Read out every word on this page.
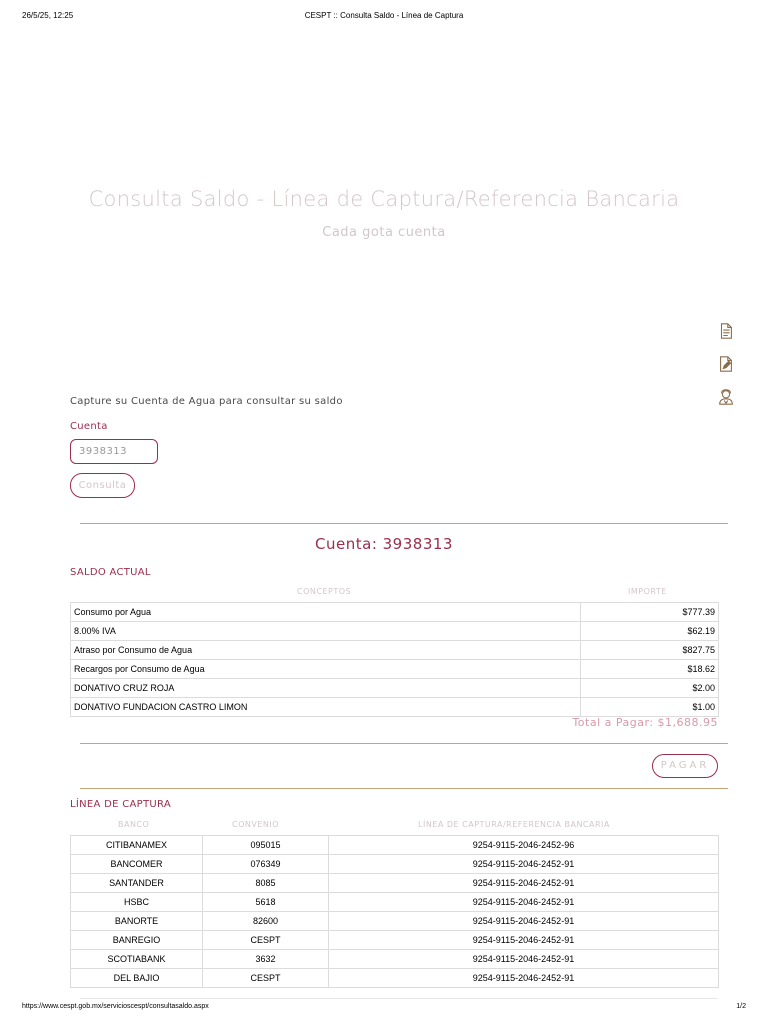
26/5/25, 12:25	CESPT :: Consulta Saldo - Línea de Captura
Consulta Saldo - Línea de Captura/Referencia Bancaria
Cada gota cuenta
Capture su Cuenta de Agua para consultar su saldo
Cuenta
3938313
Consulta
Cuenta: 3938313
SALDO ACTUAL
CONCEPTOS	IMPORTE
Consumo por Agua	$777.39
8.00% IVA	$62.19
Atraso por Consumo de Agua	$827.75
Recargos por Consumo de Agua	$18.62
DONATIVO CRUZ ROJA	$2.00
DONATIVO FUNDACION CASTRO LIMON	$1.00
Total a Pagar: $1,688.95
PAGAR
LÍNEA DE CAPTURA
BANCO	CONVENIO	LÍNEA DE CAPTURA/REFERENCIA BANCARIA
CITIBANAMEX	095015	9254-9115-2046-2452-96
BANCOMER	076349	9254-9115-2046-2452-91
SANTANDER	8085	9254-9115-2046-2452-91
HSBC	5618	9254-9115-2046-2452-91
BANORTE	82600	9254-9115-2046-2452-91
BANREGIO	CESPT	9254-9115-2046-2452-91
SCOTIABANK	3632	9254-9115-2046-2452-91
DEL BAJIO	CESPT	9254-9115-2046-2452-91
https://www.cespt.gob.mx/servicioscespt/consultasaldo.aspx	1/2
